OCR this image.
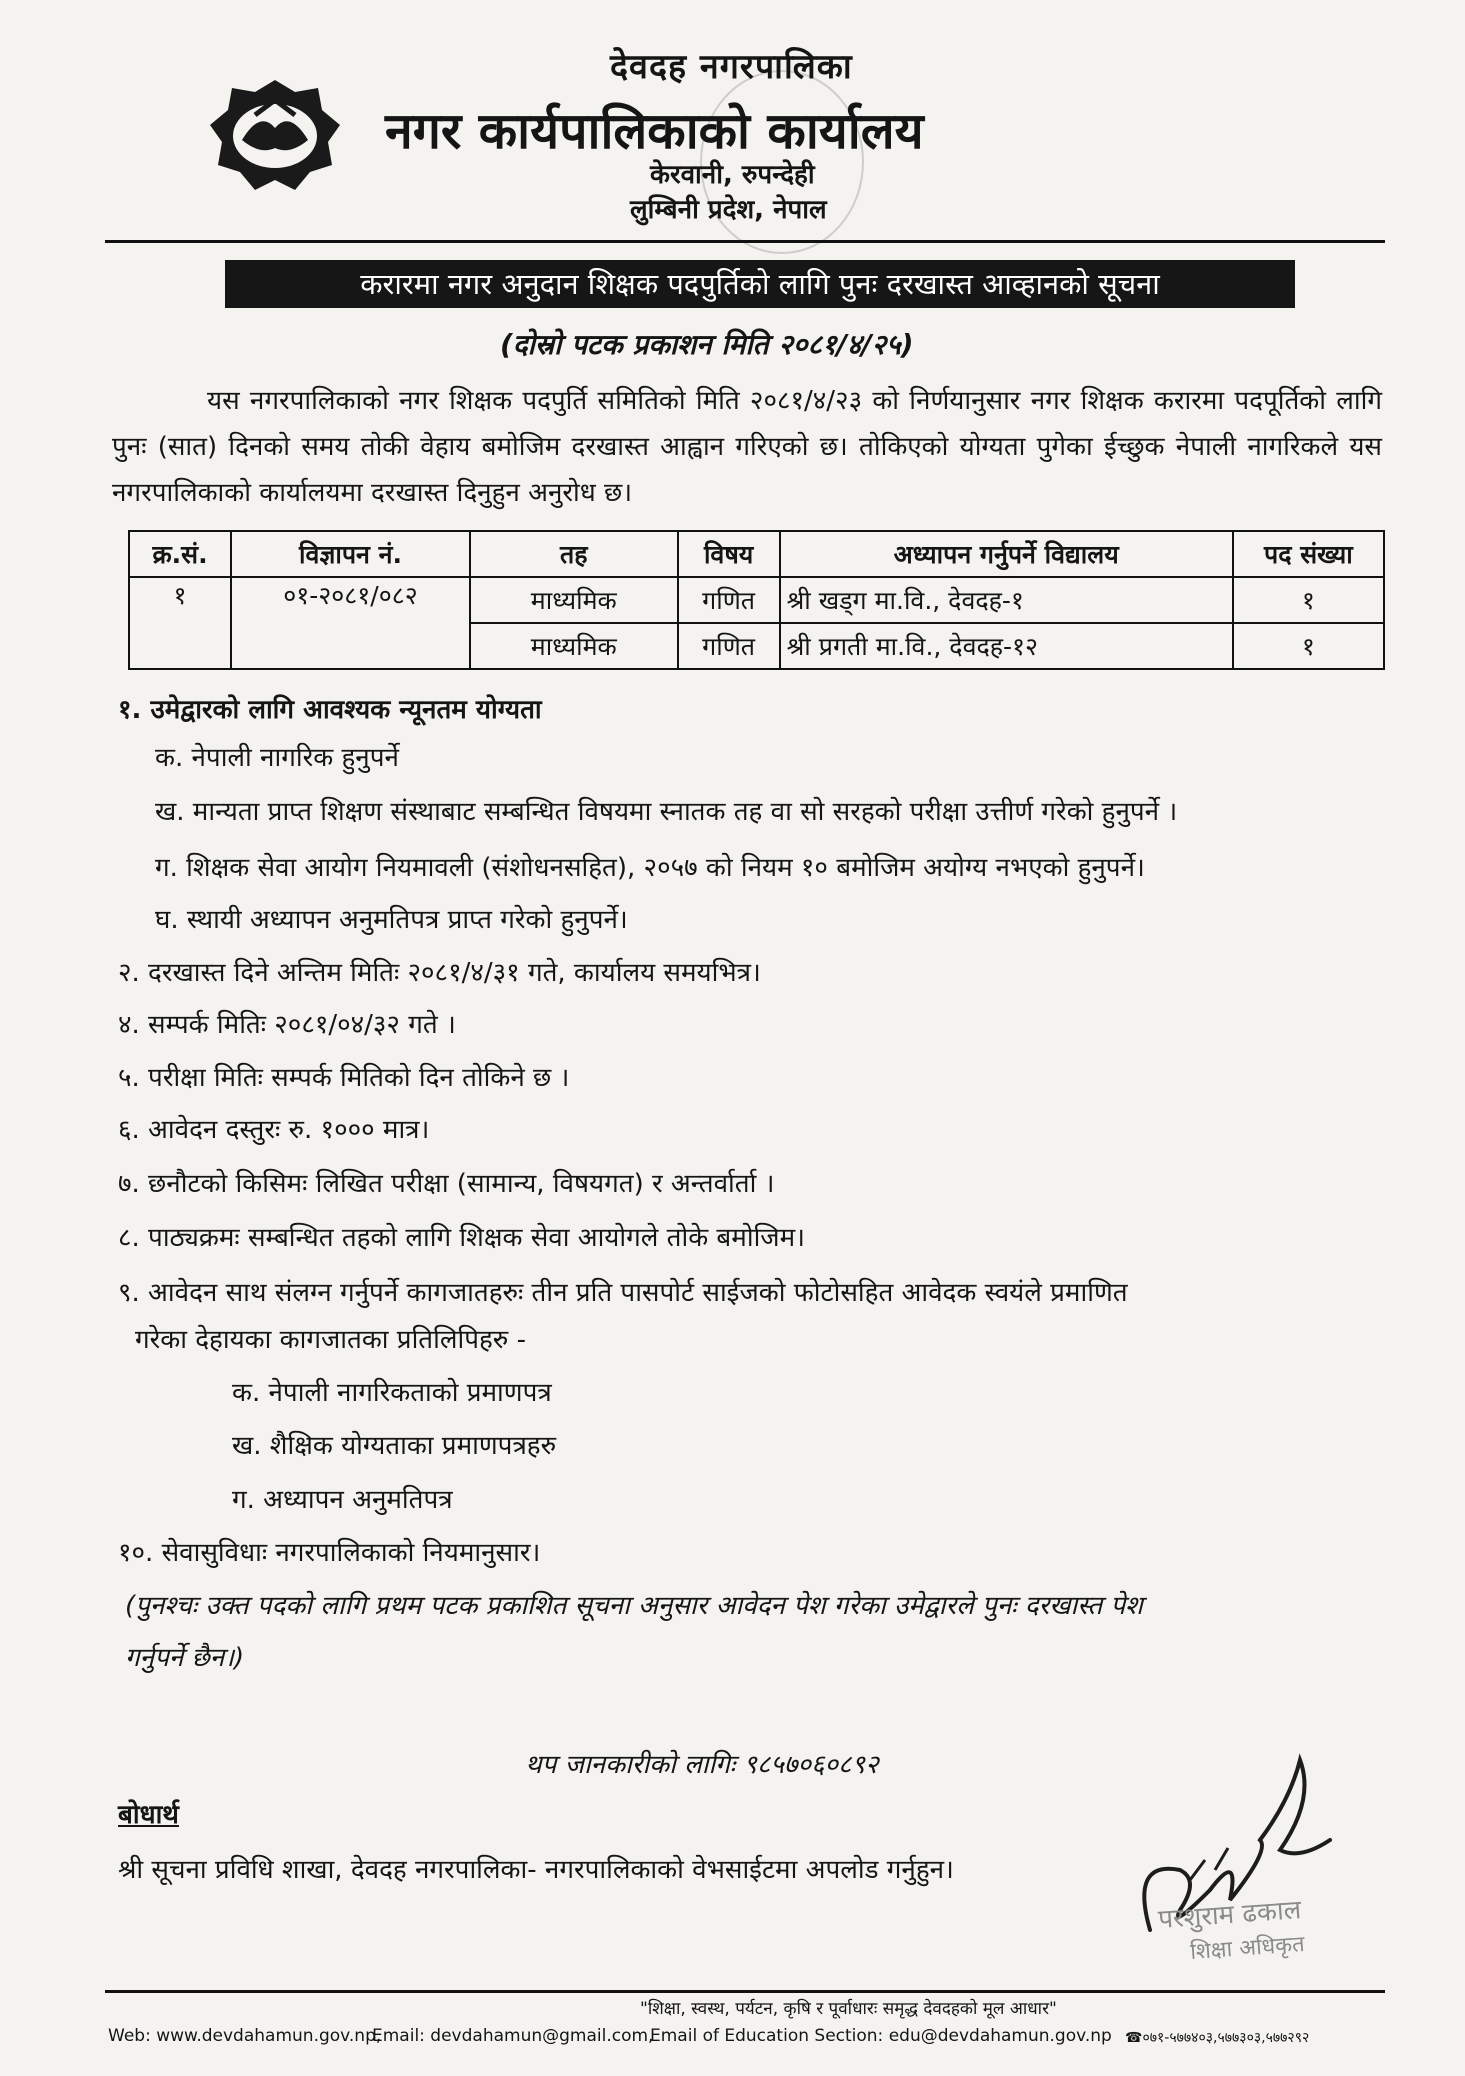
देवदह नगरपालिका
नगर कार्यपालिकाको कार्यालय
केरवानी, रुपन्देही
लुम्बिनी प्रदेश, नेपाल
करारमा नगर अनुदान शिक्षक पदपुर्तिको लागि पुनः दरखास्त आव्हानको सूचना
(दोस्रो पटक प्रकाशन मिति २०८१/४/२५)
यस नगरपालिकाको नगर शिक्षक पदपुर्ति समितिको मिति २०८१/४/२३ को निर्णयानुसार नगर शिक्षक करारमा पदपूर्तिको लागि पुनः (सात) दिनको समय तोकी वेहाय बमोजिम दरखास्त आह्वान गरिएको छ। तोकिएको योग्यता पुगेका ईच्छुक नेपाली नागरिकले यस नगरपालिकाको कार्यालयमा दरखास्त दिनुहुन अनुरोध छ।
क्र.सं.	विज्ञापन नं.	तह	विषय	अध्यापन गर्नुपर्ने विद्यालय	पद संख्या
१	०१-२०८१/०८२	माध्यमिक	गणित	श्री खड्ग मा.वि., देवदह-१	१
		माध्यमिक	गणित	श्री प्रगती मा.वि., देवदह-१२	१
१. उमेद्वारको लागि आवश्यक न्यूनतम योग्यता
क. नेपाली नागरिक हुनुपर्ने
ख. मान्यता प्राप्त शिक्षण संस्थाबाट सम्बन्धित विषयमा स्नातक तह वा सो सरहको परीक्षा उत्तीर्ण गरेको हुनुपर्ने ।
ग. शिक्षक सेवा आयोग नियमावली (संशोधनसहित), २०५७ को नियम १० बमोजिम अयोग्य नभएको हुनुपर्ने।
घ. स्थायी अध्यापन अनुमतिपत्र प्राप्त गरेको हुनुपर्ने।
२. दरखास्त दिने अन्तिम मितिः २०८१/४/३१ गते, कार्यालय समयभित्र।
४. सम्पर्क मितिः २०८१/०४/३२ गते ।
५. परीक्षा मितिः सम्पर्क मितिको दिन तोकिने छ ।
६. आवेदन दस्तुरः रु. १००० मात्र।
७. छनौटको किसिमः लिखित परीक्षा (सामान्य, विषयगत) र अन्तर्वार्ता ।
८. पाठ्यक्रमः सम्बन्धित तहको लागि शिक्षक सेवा आयोगले तोके बमोजिम।
९. आवेदन साथ संलग्न गर्नुपर्ने कागजातहरुः तीन प्रति पासपोर्ट साईजको फोटोसहित आवेदक स्वयंले प्रमाणित
गरेका देहायका कागजातका प्रतिलिपिहरु -
क. नेपाली नागरिकताको प्रमाणपत्र
ख. शैक्षिक योग्यताका प्रमाणपत्रहरु
ग. अध्यापन अनुमतिपत्र
१०. सेवासुविधाः नगरपालिकाको नियमानुसार।
(पुनश्चः उक्त पदको लागि प्रथम पटक प्रकाशित सूचना अनुसार आवेदन पेश गरेका उमेद्वारले पुनः दरखास्त पेश
गर्नुपर्ने छैन।)
थप जानकारीको लागिः ९८५७०६०८९२
बोधार्थ
श्री सूचना प्रविधि शाखा, देवदह नगरपालिका- नगरपालिकाको वेभसाईटमा अपलोड गर्नुहुन।
परशुराम ढकाल
शिक्षा अधिकृत
"शिक्षा, स्वस्थ, पर्यटन, कृषि र पूर्वाधारः समृद्ध देवदहको मूल आधार"
Web: www.devdahamun.gov.np,
Email: devdahamun@gmail.com,
Email of Education Section: edu@devdahamun.gov.np ☎०७१-५७७४०३,५७७३०३,५७७२९२
